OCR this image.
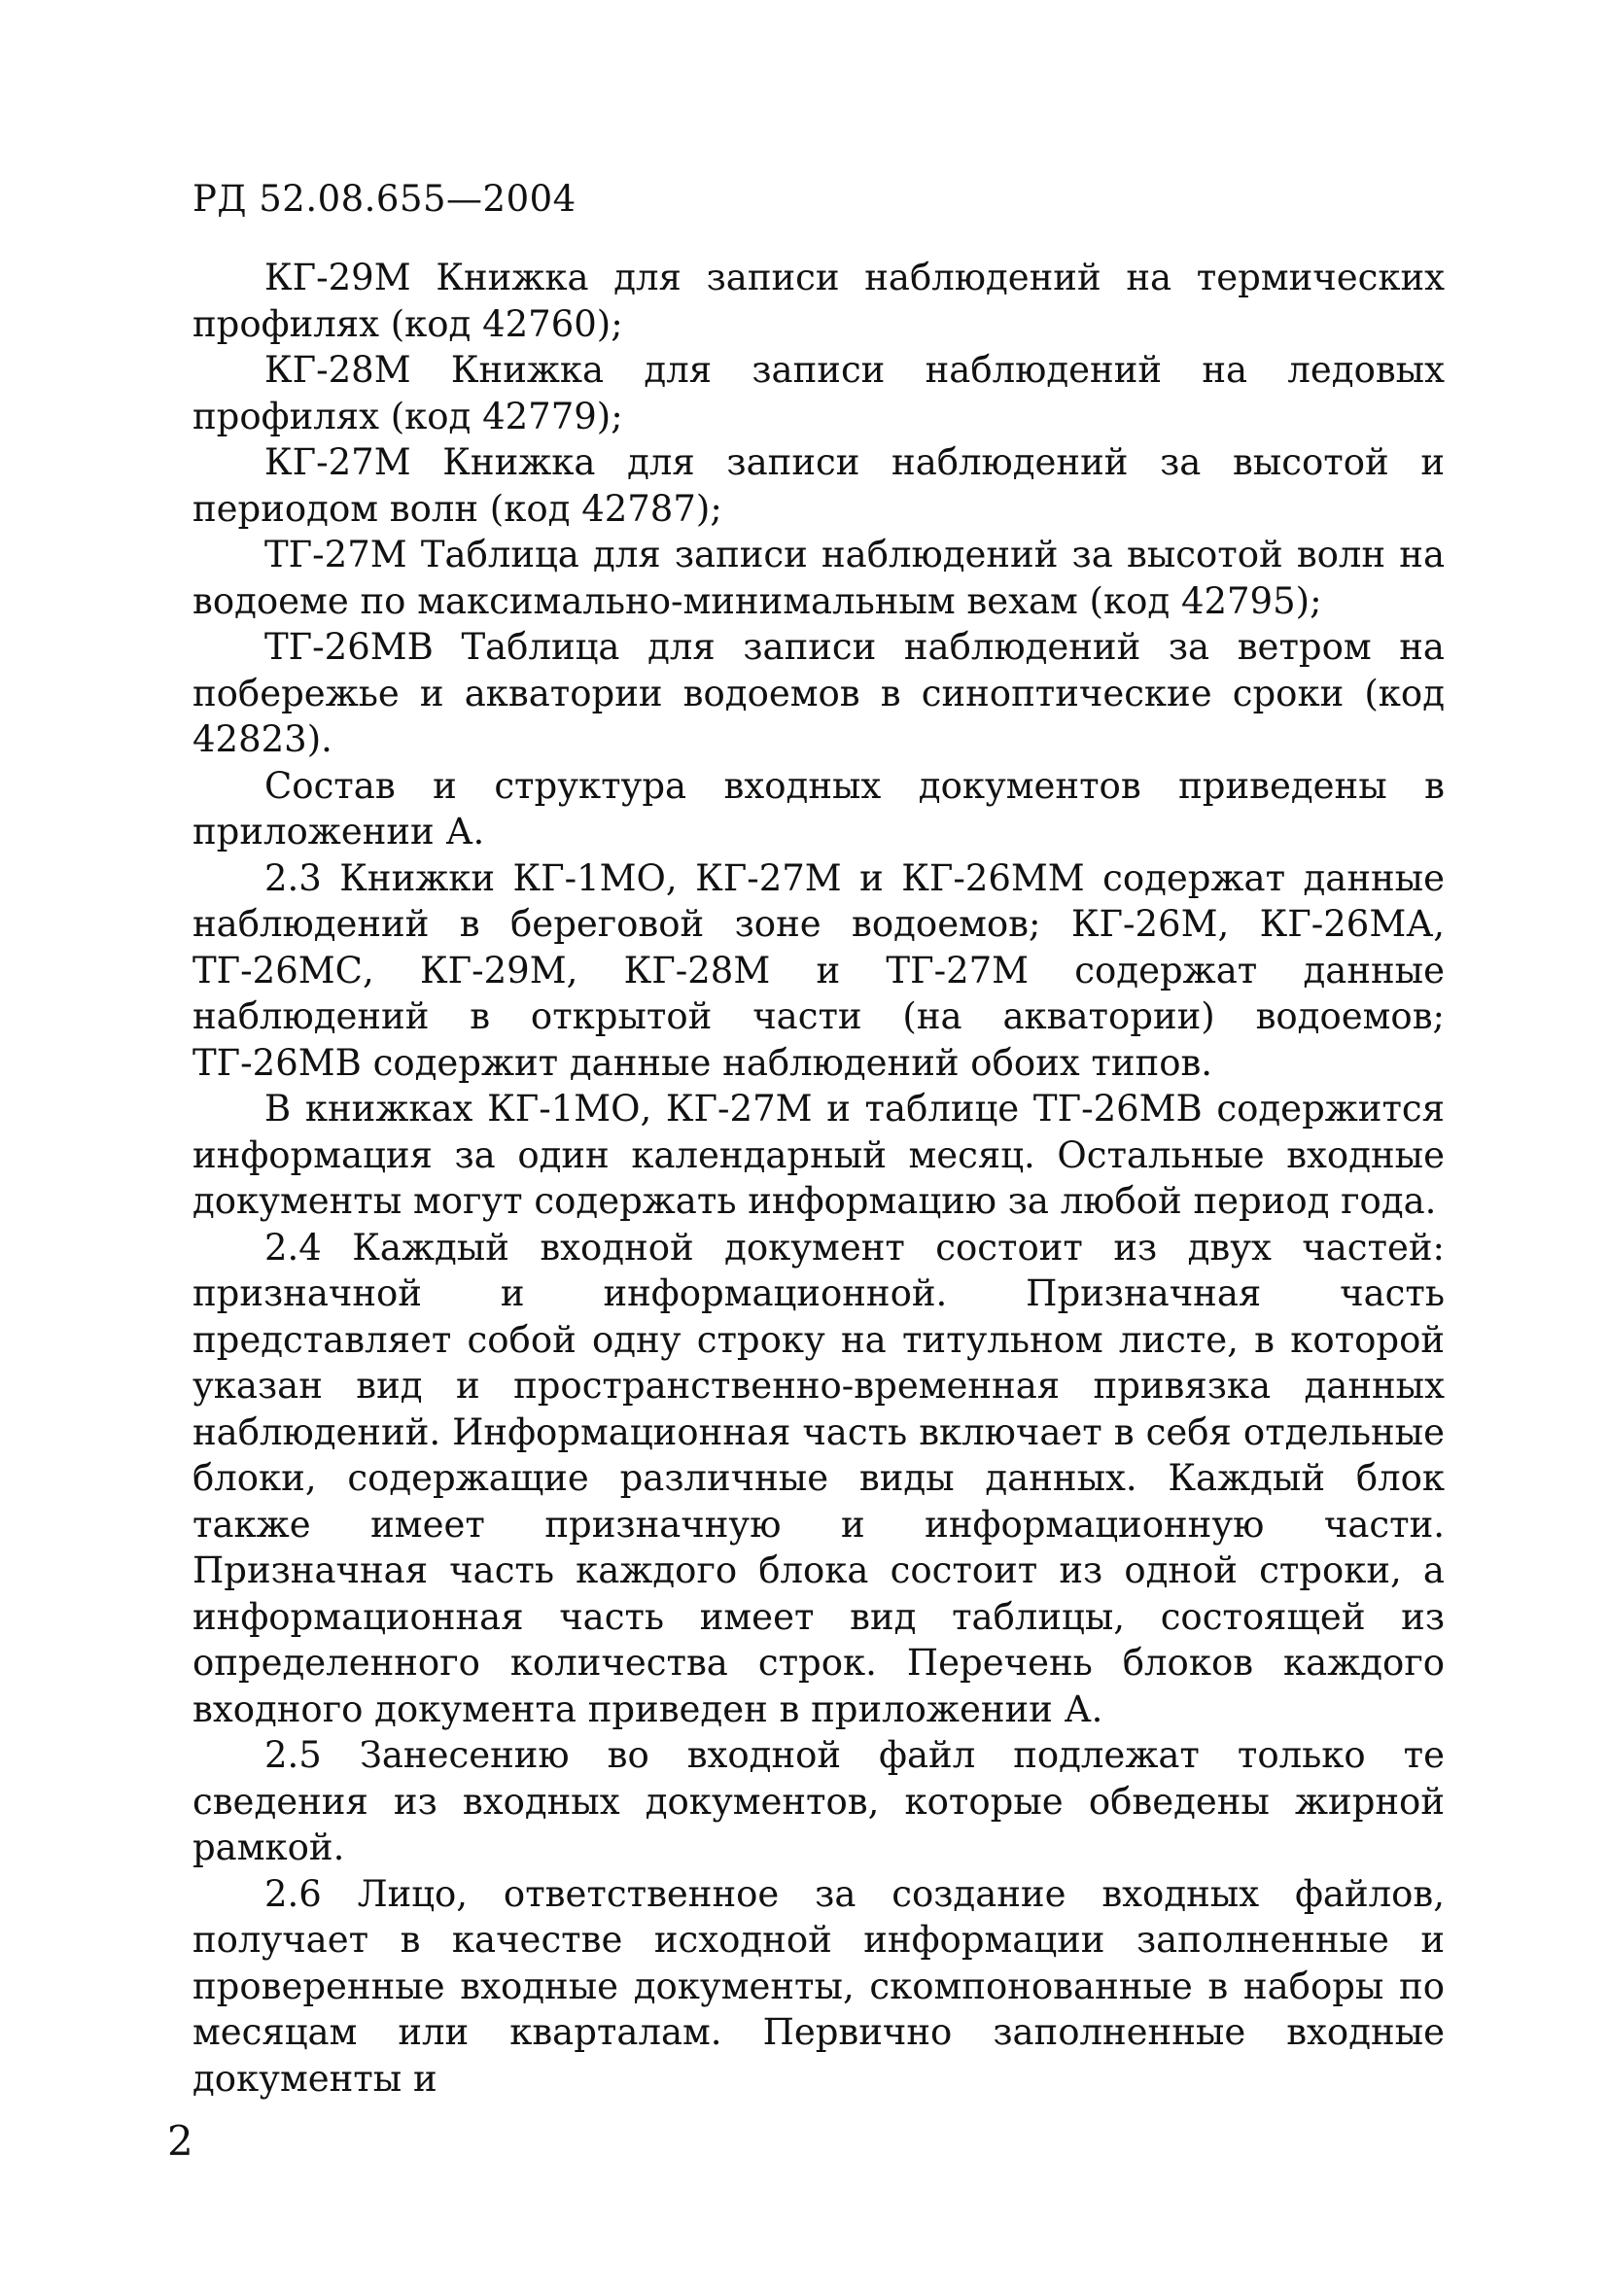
РД 52.08.655—2004

КГ-29М Книжка для записи наблюдений на термических профилях (код 42760);

КГ-28М Книжка для записи наблюдений на ледовых профилях (код 42779);

КГ-27М Книжка для записи наблюдений за высотой и периодом волн (код 42787);

ТГ-27М Таблица для записи наблюдений за высотой волн на водоеме по максимально-минимальным вехам (код 42795);

ТГ-26МВ Таблица для записи наблюдений за ветром на побережье и акватории водоемов в синоптические сроки (код 42823).

Состав и структура входных документов приведены в приложении А.

2.3 Книжки КГ-1МО, КГ-27М и КГ-26ММ содержат данные наблюдений в береговой зоне водоемов; КГ-26М, КГ-26МА, ТГ-26МС, КГ-29М, КГ-28М и ТГ-27М содержат данные наблюдений в открытой части (на акватории) водоемов; ТГ-26МВ содержит данные наблюдений обоих типов.

В книжках КГ-1МО, КГ-27М и таблице ТГ-26МВ содержится информация за один календарный месяц. Остальные входные документы могут содержать информацию за любой период года.

2.4 Каждый входной документ состоит из двух частей: призначной и информационной. Призначная часть представляет собой одну строку на титульном листе, в которой указан вид и пространственно-временная привязка данных наблюдений. Информационная часть включает в себя отдельные блоки, содержащие различные виды данных. Каждый блок также имеет призначную и информационную части. Призначная часть каждого блока состоит из одной строки, а информационная часть имеет вид таблицы, состоящей из определенного количества строк. Перечень блоков каждого входного документа приведен в приложении А.

2.5 Занесению во входной файл подлежат только те сведения из входных документов, которые обведены жирной рамкой.

2.6 Лицо, ответственное за создание входных файлов, получает в качестве исходной информации заполненные и проверенные входные документы, скомпонованные в наборы по месяцам или кварталам. Первично заполненные входные документы и

2
